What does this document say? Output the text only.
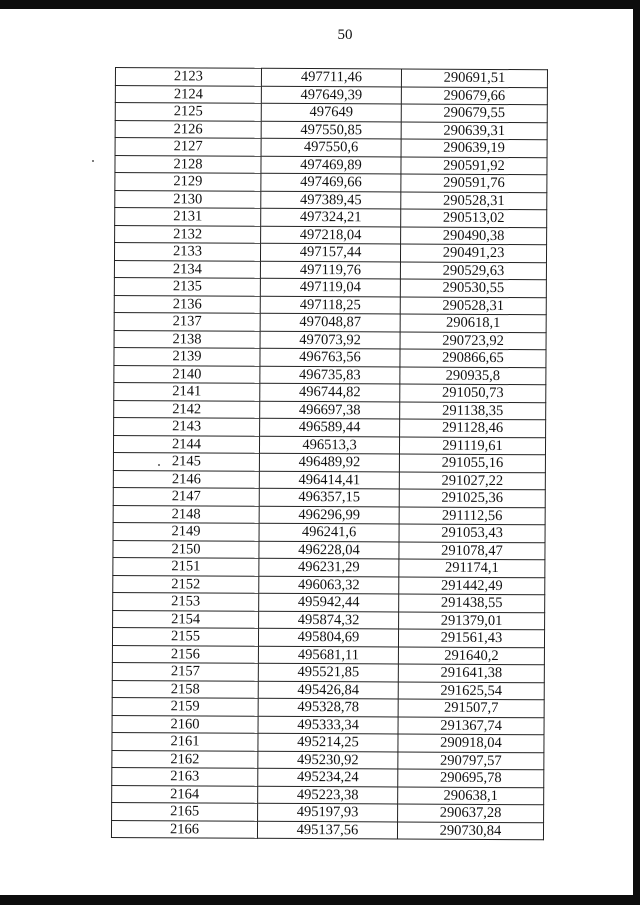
50
2123	497711,46	290691,51
2124	497649,39	290679,66
2125	497649	290679,55
2126	497550,85	290639,31
2127	497550,6	290639,19
2128	497469,89	290591,92
2129	497469,66	290591,76
2130	497389,45	290528,31
2131	497324,21	290513,02
2132	497218,04	290490,38
2133	497157,44	290491,23
2134	497119,76	290529,63
2135	497119,04	290530,55
2136	497118,25	290528,31
2137	497048,87	290618,1
2138	497073,92	290723,92
2139	496763,56	290866,65
2140	496735,83	290935,8
2141	496744,82	291050,73
2142	496697,38	291138,35
2143	496589,44	291128,46
2144	496513,3	291119,61
2145	496489,92	291055,16
2146	496414,41	291027,22
2147	496357,15	291025,36
2148	496296,99	291112,56
2149	496241,6	291053,43
2150	496228,04	291078,47
2151	496231,29	291174,1
2152	496063,32	291442,49
2153	495942,44	291438,55
2154	495874,32	291379,01
2155	495804,69	291561,43
2156	495681,11	291640,2
2157	495521,85	291641,38
2158	495426,84	291625,54
2159	495328,78	291507,7
2160	495333,34	291367,74
2161	495214,25	290918,04
2162	495230,92	290797,57
2163	495234,24	290695,78
2164	495223,38	290638,1
2165	495197,93	290637,28
2166	495137,56	290730,84
